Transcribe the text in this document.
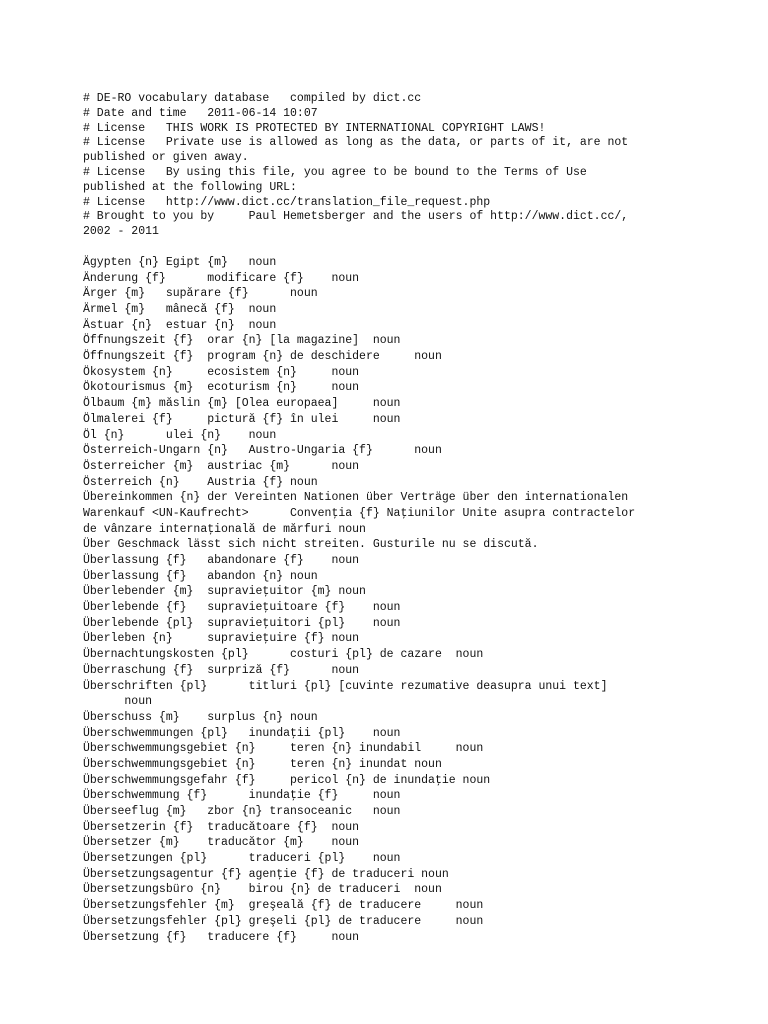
# DE-RO vocabulary database   compiled by dict.cc
# Date and time   2011-06-14 10:07
# License   THIS WORK IS PROTECTED BY INTERNATIONAL COPYRIGHT LAWS!
# License   Private use is allowed as long as the data, or parts of it, are not
published or given away.
# License   By using this file, you agree to be bound to the Terms of Use
published at the following URL:
# License   http://www.dict.cc/translation_file_request.php
# Brought to you by     Paul Hemetsberger and the users of http://www.dict.cc/,
2002 - 2011
Ägypten {n} Egipt {m}   noun
Änderung {f}      modificare {f}    noun
Ärger {m}   supărare {f}      noun
Ärmel {m}   mânecă {f}  noun
Ästuar {n}  estuar {n}  noun
Öffnungszeit {f}  orar {n} [la magazine]  noun
Öffnungszeit {f}  program {n} de deschidere     noun
Ökosystem {n}     ecosistem {n}     noun
Ökotourismus {m}  ecoturism {n}     noun
Ölbaum {m} măslin {m} [Olea europaea]     noun
Ölmalerei {f}     pictură {f} în ulei     noun
Öl {n}      ulei {n}    noun
Österreich-Ungarn {n}   Austro-Ungaria {f}      noun
Österreicher {m}  austriac {m}      noun
Österreich {n}    Austria {f} noun
Übereinkommen {n} der Vereinten Nationen über Verträge über den internationalen
Warenkauf <UN-Kaufrecht>      Convenţia {f} Naţiunilor Unite asupra contractelor
de vânzare internaţională de mărfuri noun
Über Geschmack lässt sich nicht streiten. Gusturile nu se discută.
Überlassung {f}   abandonare {f}    noun
Überlassung {f}   abandon {n} noun
Überlebender {m}  supravieţuitor {m} noun
Überlebende {f}   supravieţuitoare {f}    noun
Überlebende {pl}  supravieţuitori {pl}    noun
Überleben {n}     supravieţuire {f} noun
Übernachtungskosten {pl}      costuri {pl} de cazare  noun
Überraschung {f}  surpriză {f}      noun
Überschriften {pl}      titluri {pl} [cuvinte rezumative deasupra unui text]
noun
Überschuss {m}    surplus {n} noun
Überschwemmungen {pl}   inundaţii {pl}    noun
Überschwemmungsgebiet {n}     teren {n} inundabil     noun
Überschwemmungsgebiet {n}     teren {n} inundat noun
Überschwemmungsgefahr {f}     pericol {n} de inundaţie noun
Überschwemmung {f}      inundaţie {f}     noun
Überseeflug {m}   zbor {n} transoceanic   noun
Übersetzerin {f}  traducătoare {f}  noun
Übersetzer {m}    traducător {m}    noun
Übersetzungen {pl}      traduceri {pl}    noun
Übersetzungsagentur {f} agenţie {f} de traduceri noun
Übersetzungsbüro {n}    birou {n} de traduceri  noun
Übersetzungsfehler {m}  greşeală {f} de traducere     noun
Übersetzungsfehler {pl} greşeli {pl} de traducere     noun
Übersetzung {f}   traducere {f}     noun
